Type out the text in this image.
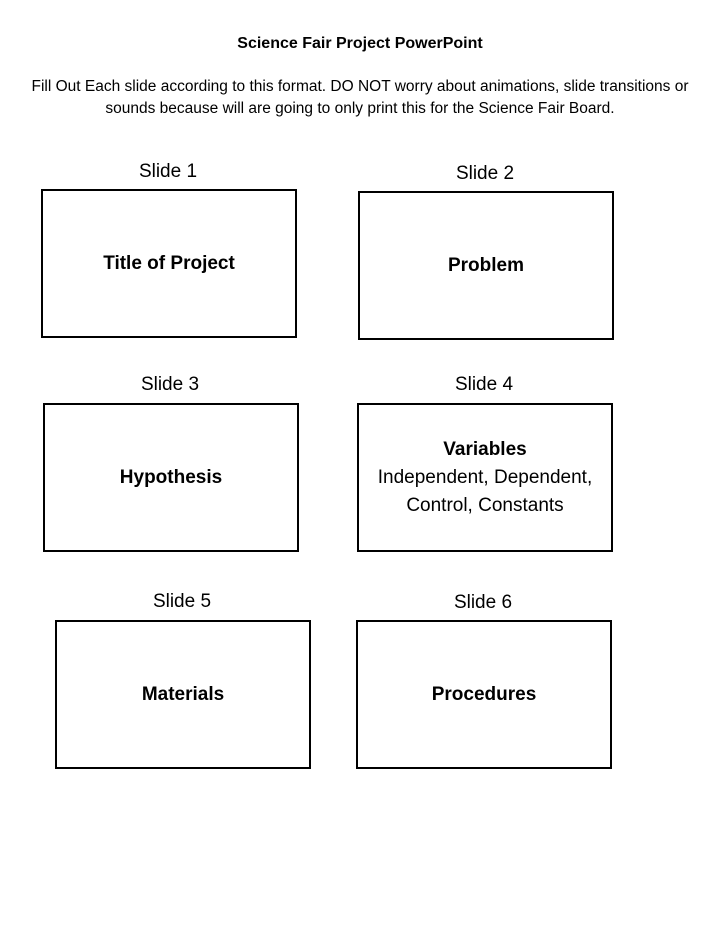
Science Fair Project PowerPoint
Fill Out Each slide according to this format. DO NOT worry about animations, slide transitions or sounds because will are going to only print this for the Science Fair Board.
Slide 1
Title of Project
Slide 2
Problem
Slide 3
Hypothesis
Slide 4
Variables
Independent, Dependent, Control, Constants
Slide 5
Materials
Slide 6
Procedures
